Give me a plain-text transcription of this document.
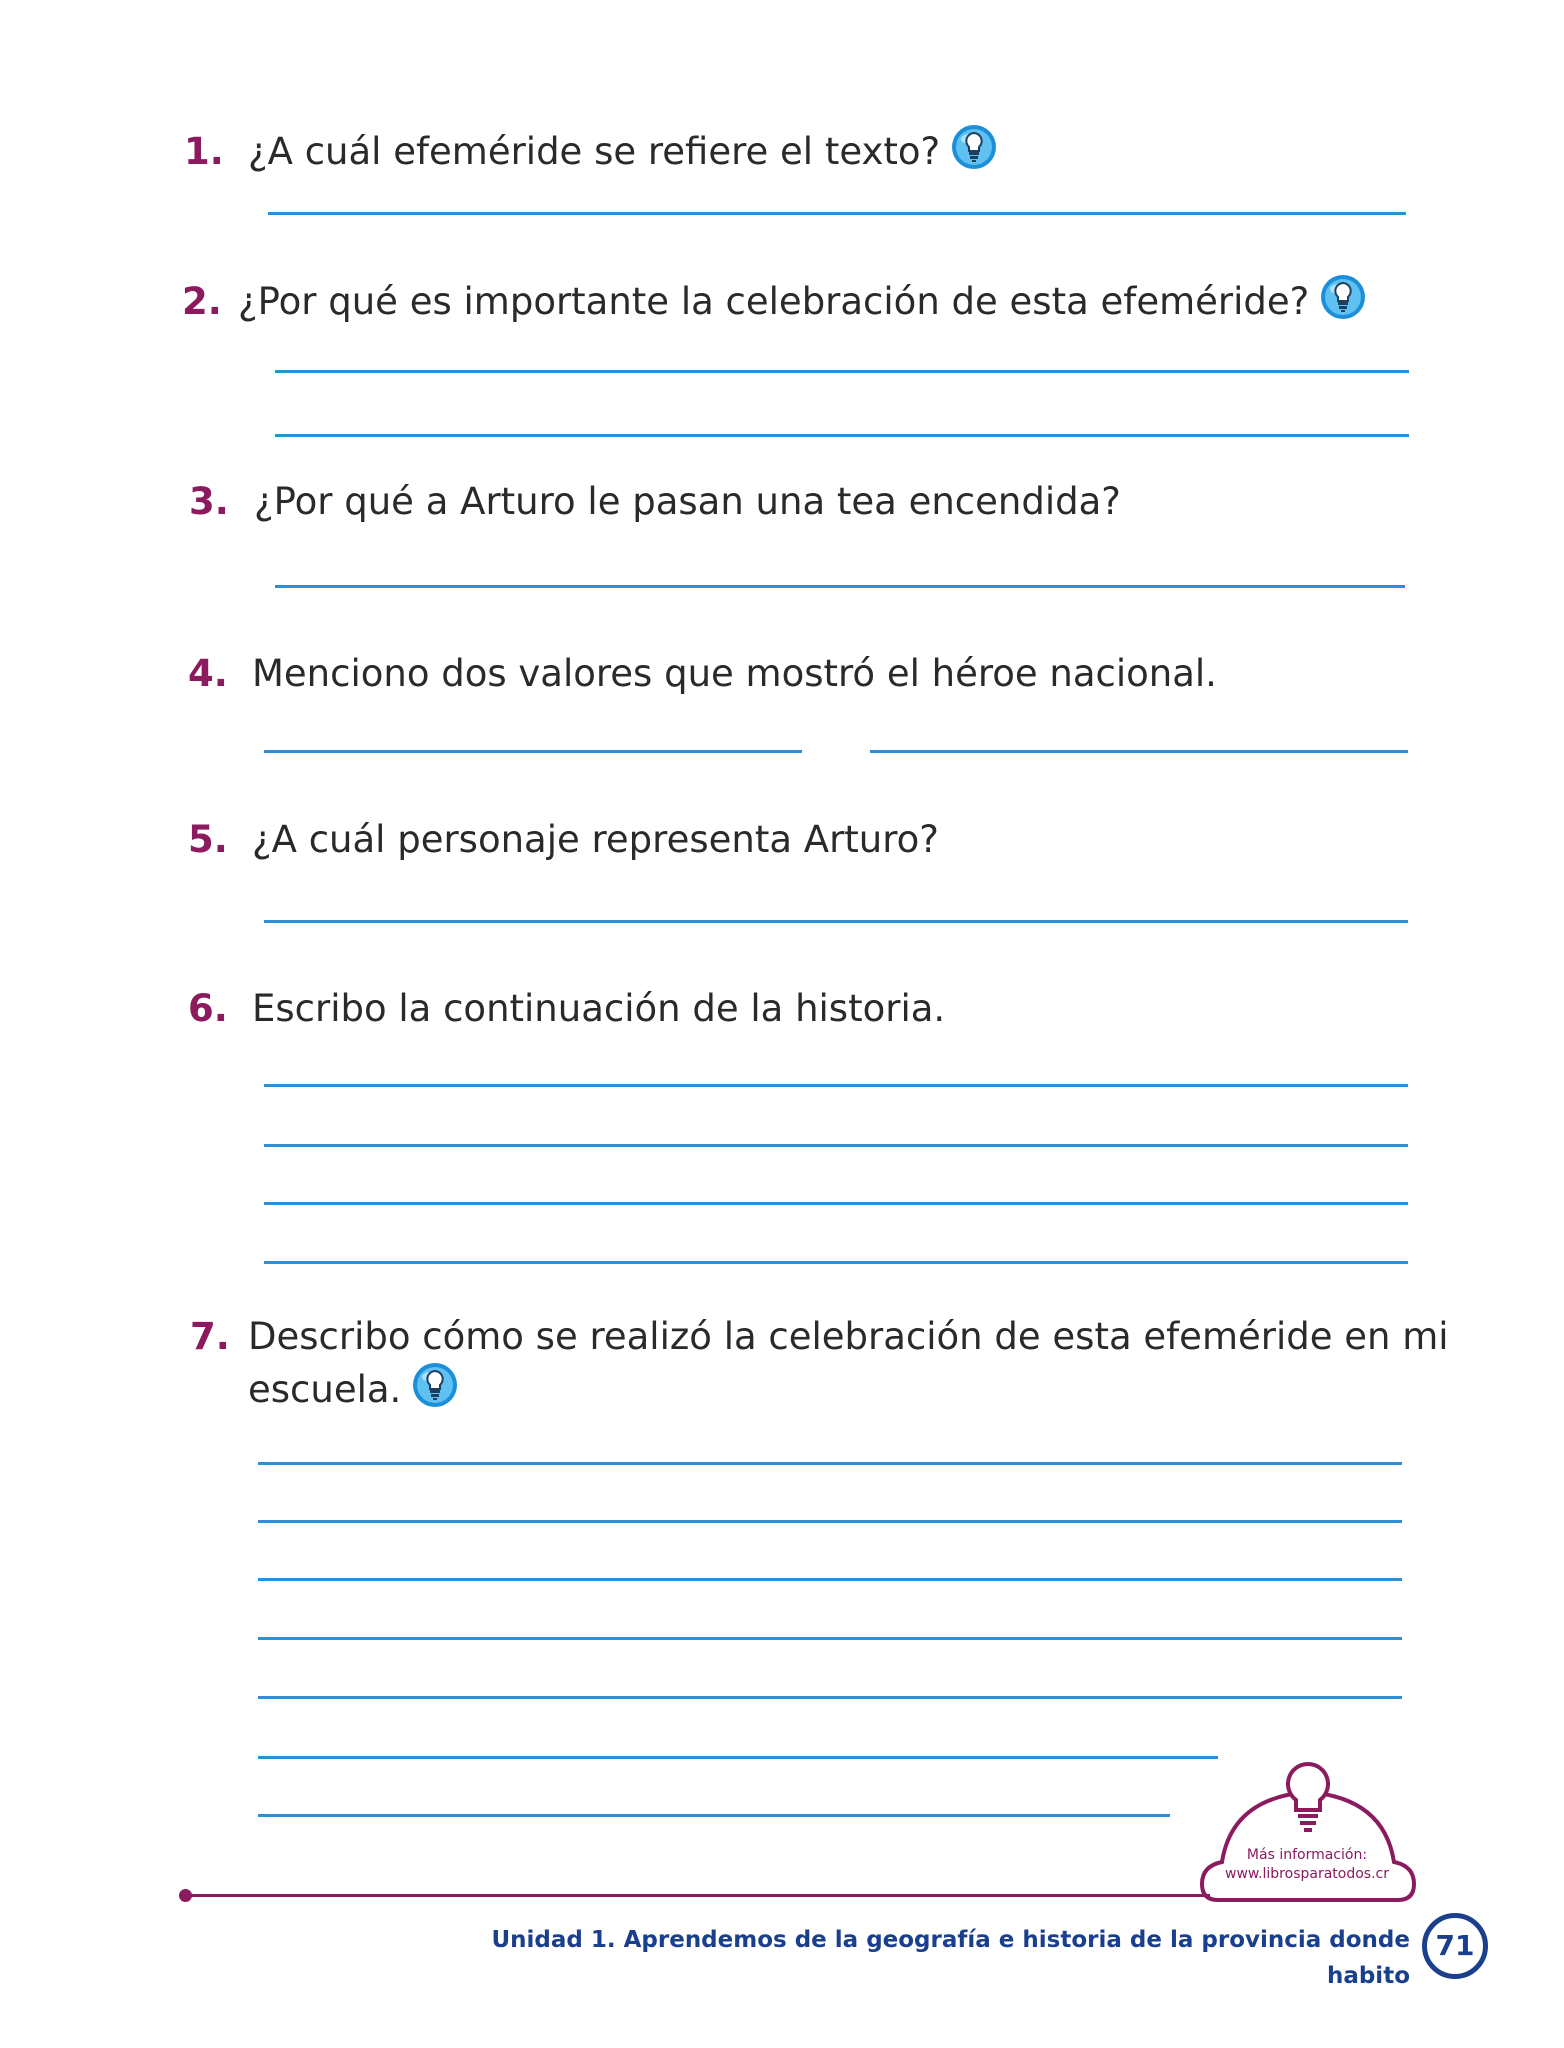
1. ¿A cuál efeméride se refiere el texto?
2. ¿Por qué es importante la celebración de esta efeméride?
3. ¿Por qué a Arturo le pasan una tea encendida?
4. Menciono dos valores que mostró el héroe nacional.
5. ¿A cuál personaje representa Arturo?
6. Escribo la continuación de la historia.
7. Describo cómo se realizó la celebración de esta efeméride en mi
escuela.
Más información:
www.librosparatodos.cr
Unidad 1. Aprendemos de la geografía e historia de la provincia donde habito
71
